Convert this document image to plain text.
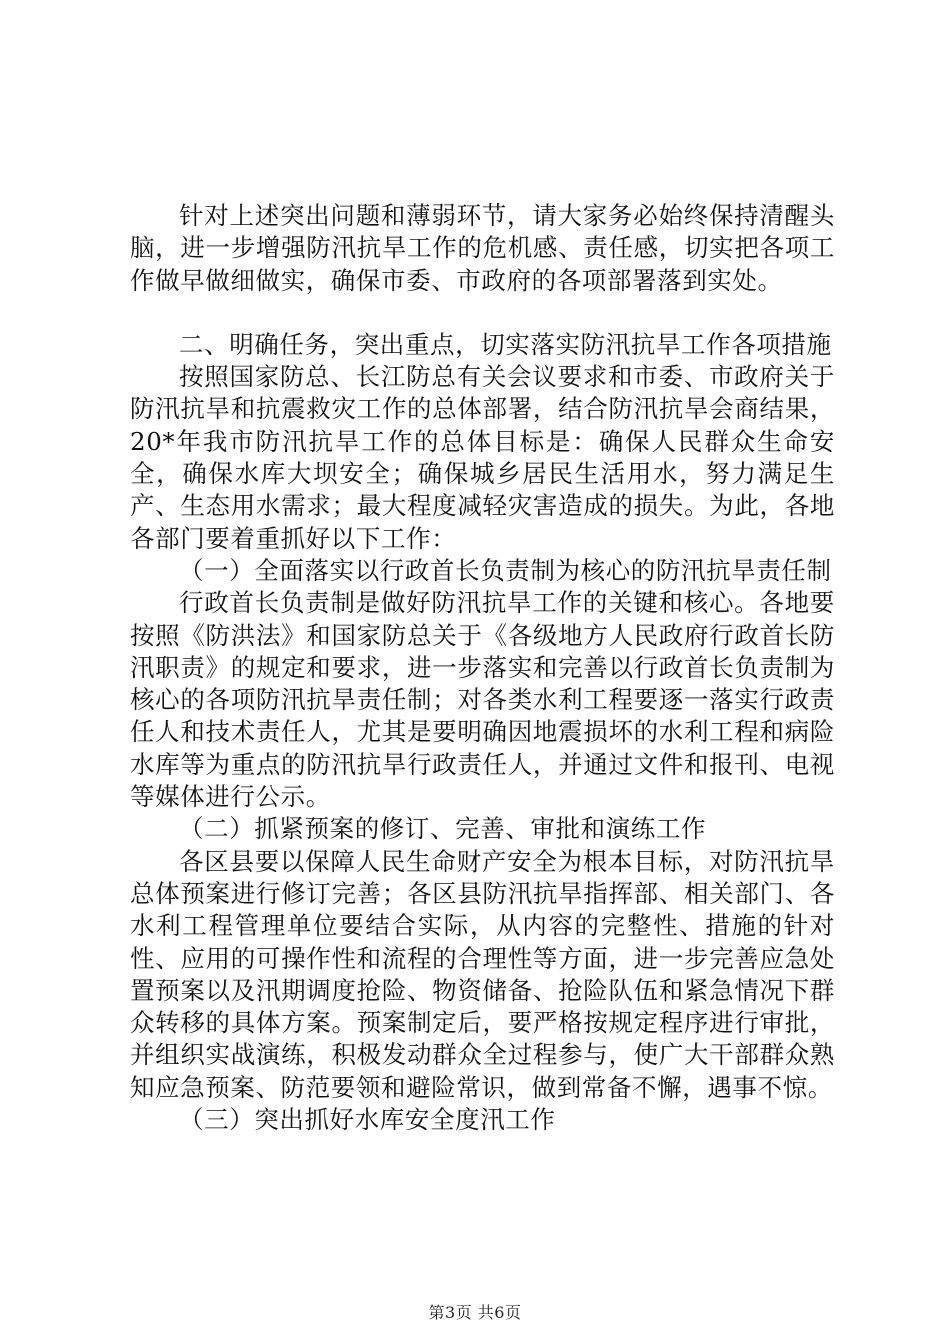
针对上述突出问题和薄弱环节，请大家务必始终保持清醒头脑，进一步增强防汛抗旱工作的危机感、责任感，切实把各项工作做早做细做实，确保市委、市政府的各项部署落到实处。

二、明确任务，突出重点，切实落实防汛抗旱工作各项措施

按照国家防总、长江防总有关会议要求和市委、市政府关于防汛抗旱和抗震救灾工作的总体部署，结合防汛抗旱会商结果，20*年我市防汛抗旱工作的总体目标是：确保人民群众生命安全，确保水库大坝安全；确保城乡居民生活用水，努力满足生产、生态用水需求；最大程度减轻灾害造成的损失。为此，各地各部门要着重抓好以下工作：

（一）全面落实以行政首长负责制为核心的防汛抗旱责任制

行政首长负责制是做好防汛抗旱工作的关键和核心。各地要按照《防洪法》和国家防总关于《各级地方人民政府行政首长防汛职责》的规定和要求，进一步落实和完善以行政首长负责制为核心的各项防汛抗旱责任制；对各类水利工程要逐一落实行政责任人和技术责任人，尤其是要明确因地震损坏的水利工程和病险水库等为重点的防汛抗旱行政责任人，并通过文件和报刊、电视等媒体进行公示。

（二）抓紧预案的修订、完善、审批和演练工作

各区县要以保障人民生命财产安全为根本目标，对防汛抗旱总体预案进行修订完善；各区县防汛抗旱指挥部、相关部门、各水利工程管理单位要结合实际，从内容的完整性、措施的针对性、应用的可操作性和流程的合理性等方面，进一步完善应急处置预案以及汛期调度抢险、物资储备、抢险队伍和紧急情况下群众转移的具体方案。预案制定后，要严格按规定程序进行审批，并组织实战演练，积极发动群众全过程参与，使广大干部群众熟知应急预案、防范要领和避险常识，做到常备不懈，遇事不惊。

（三）突出抓好水库安全度汛工作

第3页 共6页
